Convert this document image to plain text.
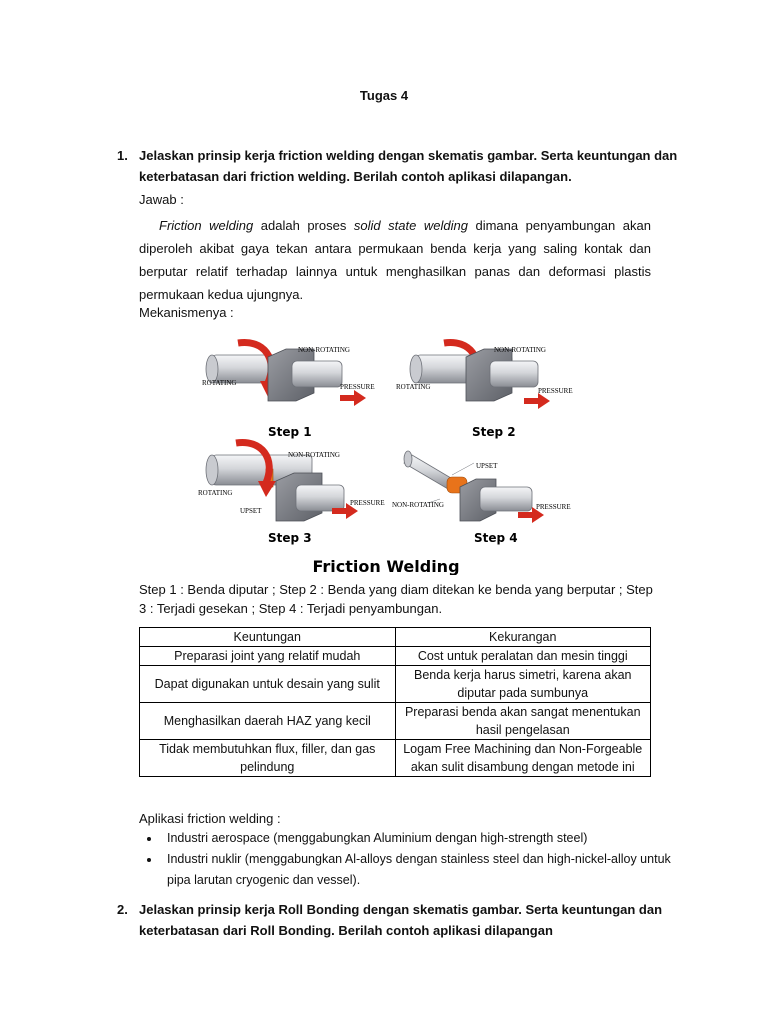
Tugas 4
1. Jelaskan prinsip kerja friction welding dengan skematis gambar. Serta keuntungan dan
keterbatasan dari friction welding. Berilah contoh aplikasi dilapangan.
Jawab :
Friction welding adalah proses solid state welding dimana penyambungan akan diperoleh akibat gaya tekan antara permukaan benda kerja yang saling kontak dan berputar relatif terhadap lainnya untuk menghasilkan panas dan deformasi plastis permukaan kedua ujungnya.
Mekanismenya :
NON-ROTATING
ROTATING	PRESSURE
Step 1
NON-ROTATING
ROTATING	PRESSURE
Step 2
NON-ROTATING
ROTATING
UPSET
PRESSURE
Step 3
UPSET
NON-ROTATING	PRESSURE
Step 4
Friction Welding
Step 1 : Benda diputar ; Step 2 : Benda yang diam ditekan ke benda yang berputar ; Step
3 : Terjadi gesekan ; Step 4 : Terjadi penyambungan.
Keuntungan	Kekurangan
Preparasi joint yang relatif mudah	Cost untuk peralatan dan mesin tinggi
Dapat digunakan untuk desain yang sulit	Benda kerja harus simetri, karena akan diputar pada sumbunya
Menghasilkan daerah HAZ yang kecil	Preparasi benda akan sangat menentukan hasil pengelasan
Tidak membutuhkan flux, filler, dan gas pelindung	Logam Free Machining dan Non-Forgeable akan sulit disambung dengan metode ini
Aplikasi friction welding :
• Industri aerospace (menggabungkan Aluminium dengan high-strength steel)
• Industri nuklir (menggabungkan Al-alloys dengan stainless steel dan high-nickel-alloy untuk pipa larutan cryogenic dan vessel).
2. Jelaskan prinsip kerja Roll Bonding dengan skematis gambar. Serta keuntungan dan
keterbatasan dari Roll Bonding. Berilah contoh aplikasi dilapangan
